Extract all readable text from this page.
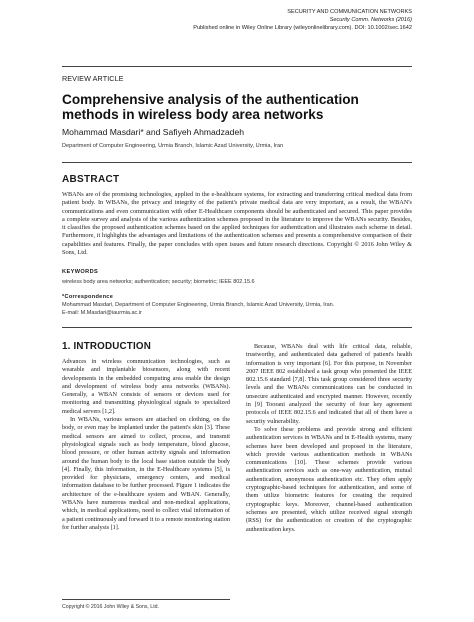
SECURITY AND COMMUNICATION NETWORKS
Security Comm. Networks (2016)
Published online in Wiley Online Library (wileyonlinelibrary.com). DOI: 10.1002/sec.1642
REVIEW ARTICLE
Comprehensive analysis of the authentication methods in wireless body area networks
Mohammad Masdari* and Safiyeh Ahmadzadeh
Department of Computer Engineering, Urmia Branch, Islamic Azad University, Urmia, Iran
ABSTRACT
WBANs are of the promising technologies, applied in the e-healthcare systems, for extracting and transferring critical medical data from patient body. In WBANs, the privacy and integrity of the patient's private medical data are very important, as a result, the WBAN's communications and even communication with other E-Healthcare components should be authenticated and secured. This paper provides a complete survey and analysis of the various authentication schemes proposed in the literature to improve the WBANs security. Besides, it classifies the proposed authentication schemes based on the applied techniques for authentication and illustrates each scheme in detail. Furthermore, it highlights the advantages and limitations of the authentication schemes and presents a comprehensive comparison of their capabilities and features. Finally, the paper concludes with open issues and future research directions. Copyright © 2016 John Wiley & Sons, Ltd.
KEYWORDS
wireless body area networks; authentication; security; biometric; IEEE 802.15.6
*Correspondence
Mohammad Masdari, Department of Computer Engineering, Urmia Branch, Islamic Azad University, Urmia, Iran.
E-mail: M.Masdari@iaurmia.ac.ir
1. INTRODUCTION

Advances in wireless communication technologies, such as wearable and implantable biosensors, along with recent developments in the embedded computing area enable the design and development of wireless body area networks (WBANs). Generally, a WBAN consists of sensors or devices used for monitoring and transmitting physiological signals to specialized medical servers [1,2].

In WBANs, various sensors are attached on clothing, on the body, or even may be implanted under the patient's skin [3]. These medical sensors are aimed to collect, process, and transmit physiological signals such as body temperature, blood glucose, blood pressure, or other human activity signals and information around the human body to the local base station outside the body [4]. Finally, this information, in the E-Healthcare systems [5], is provided for physicians, emergency centers, and medical information database to be further processed. Figure 1 indicates the architecture of the e-healthcare system and WBAN. Generally, WBANs have numerous medical and non-medical applications, which, in medical applications, need to collect vital information of a patient continuously and forward it to a remote monitoring station for further analysis [1].

Because, WBANs deal with life critical data, reliable, trustworthy, and authenticated data gathered of patient's health information is very important [6]. For this purpose, in November 2007 IEEE 802 established a task group who presented the IEEE 802.15.6 standard [7,8]. This task group considered three security levels and the WBANs communications can be conducted in unsecure authenticated and encrypted manner. However, recently in [9] Toorani analyzed the security of four key agreement protocols of IEEE 802.15.6 and indicated that all of them have a security vulnerability.

To solve these problems and provide strong and efficient authentication services in WBANs and in E-Health systems, many schemes have been developed and proposed in the literature, which provide various authentication methods in WBANs communications [10]. These schemes provide various authentication services such as one-way authentication, mutual authentication, anonymous authentication etc. They often apply cryptographic-based techniques for authentication, and some of them utilize biometric features for creating the required cryptographic keys. Moreover, channel-based authentication schemes are presented, which utilize received signal strength (RSS) for the authentication or creation of the cryptographic authentication keys.

Copyright © 2016 John Wiley & Sons, Ltd.
